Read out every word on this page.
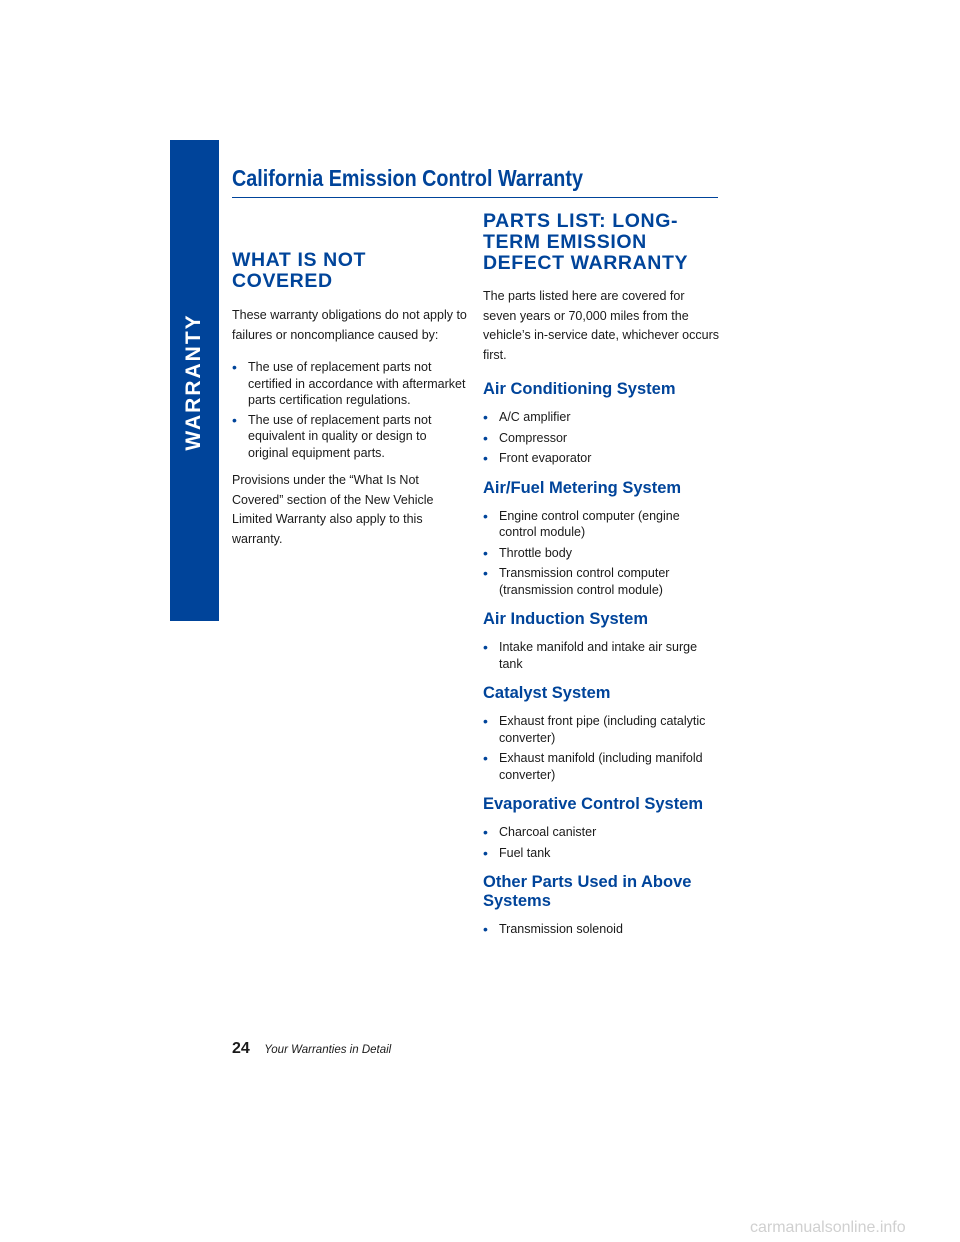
WARRANTY
California Emission Control Warranty
WHAT IS NOT COVERED

These warranty obligations do not apply to failures or noncompliance caused by:

• The use of replacement parts not certified in accordance with aftermarket parts certification regulations.
• The use of replacement parts not equivalent in quality or design to original equipment parts.

Provisions under the “What Is Not Covered” section of the New Vehicle Limited Warranty also apply to this warranty.

PARTS LIST: LONG-TERM EMISSION DEFECT WARRANTY

The parts listed here are covered for seven years or 70,000 miles from the vehicle’s in-service date, whichever occurs first.

Air Conditioning System
• A/C amplifier
• Compressor
• Front evaporator
Air/Fuel Metering System
• Engine control computer (engine control module)
• Throttle body
• Transmission control computer (transmission control module)
Air Induction System
• Intake manifold and intake air surge tank
Catalyst System
• Exhaust front pipe (including catalytic converter)
• Exhaust manifold (including manifold converter)
Evaporative Control System
• Charcoal canister
• Fuel tank
Other Parts Used in Above Systems
• Transmission solenoid
24 Your Warranties in Detail
carmanualsonline.info
